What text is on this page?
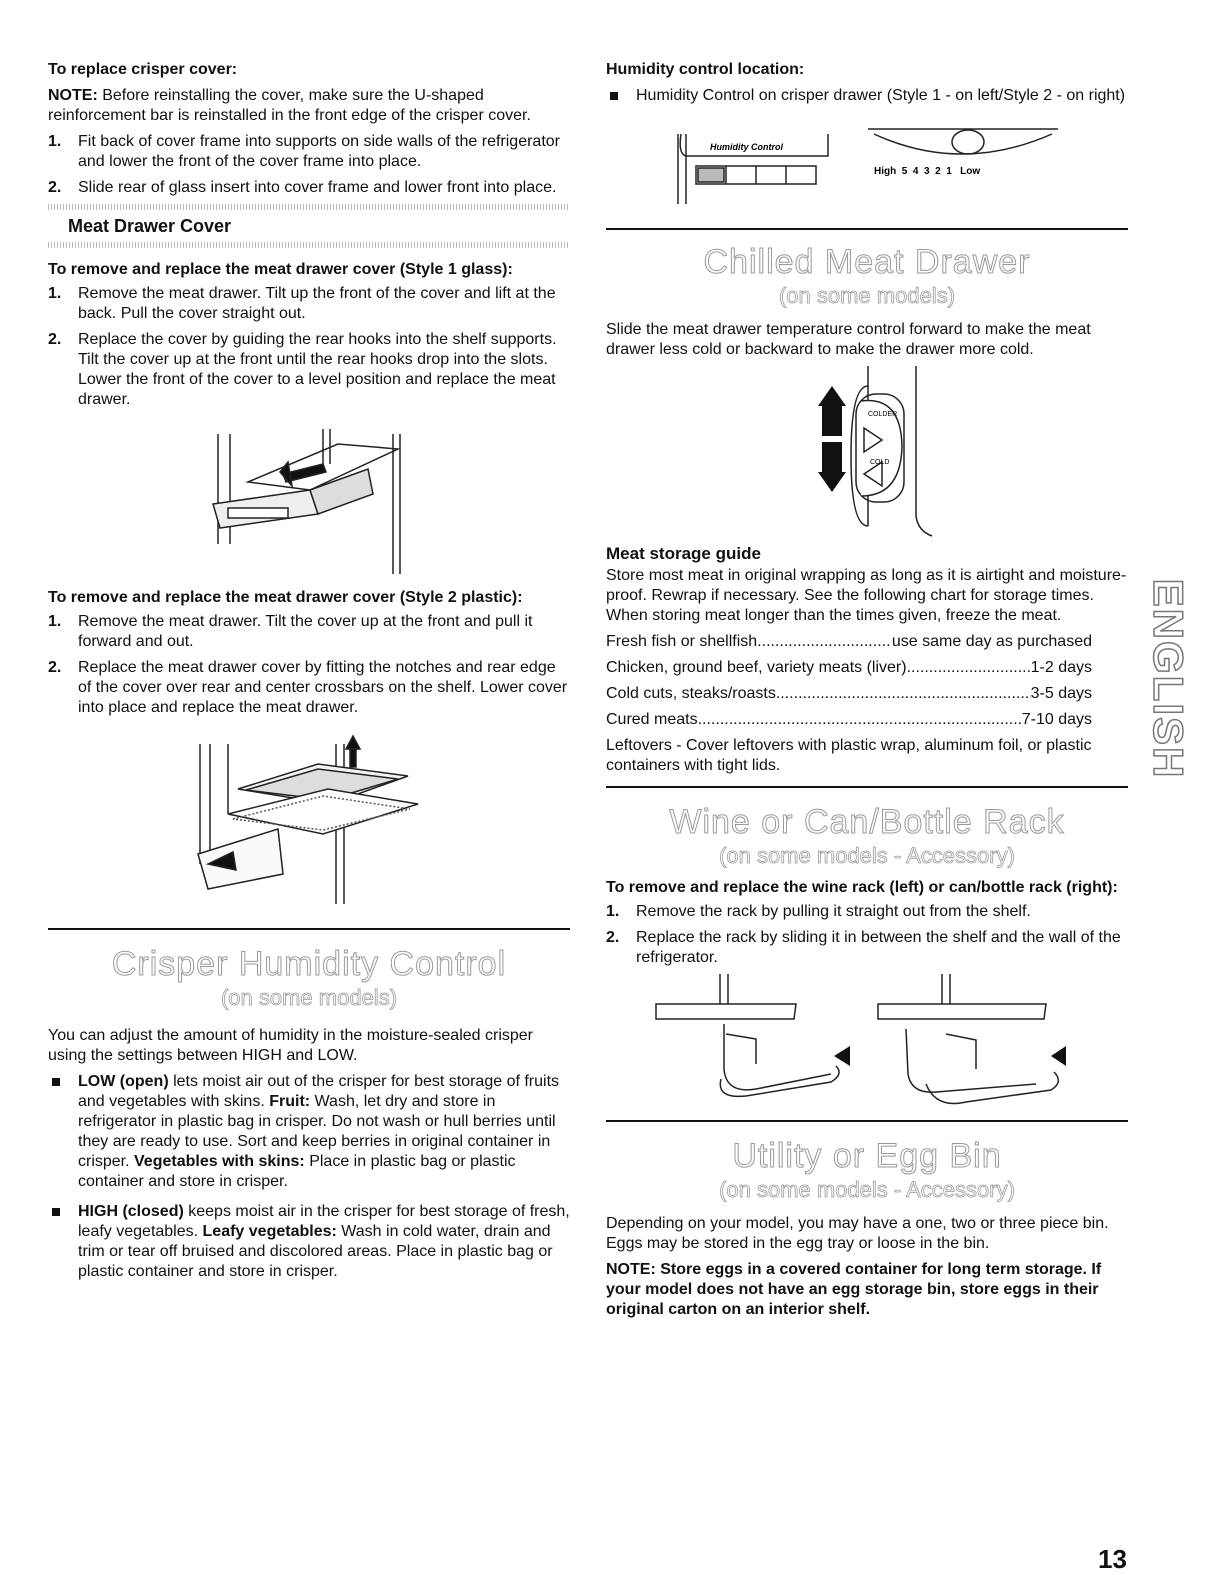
To replace crisper cover:

NOTE: Before reinstalling the cover, make sure the U-shaped reinforcement bar is reinstalled in the front edge of the crisper cover.

1. Fit back of cover frame into supports on side walls of the refrigerator and lower the front of the cover frame into place.
2. Slide rear of glass insert into cover frame and lower front into place.
Meat Drawer Cover
To remove and replace the meat drawer cover (Style 1 glass):
1. Remove the meat drawer. Tilt up the front of the cover and lift at the back. Pull the cover straight out.
2. Replace the cover by guiding the rear hooks into the shelf supports. Tilt the cover up at the front until the rear hooks drop into the slots. Lower the front of the cover to a level position and replace the meat drawer.
To remove and replace the meat drawer cover (Style 2 plastic):
1. Remove the meat drawer. Tilt the cover up at the front and pull it forward and out.
2. Replace the meat drawer cover by fitting the notches and rear edge of the cover over rear and center crossbars on the shelf. Lower cover into place and replace the meat drawer.
Crisper Humidity Control
(on some models)

You can adjust the amount of humidity in the moisture-sealed crisper using the settings between HIGH and LOW.

LOW (open) lets moist air out of the crisper for best storage of fruits and vegetables with skins. Fruit: Wash, let dry and store in refrigerator in plastic bag in crisper. Do not wash or hull berries until they are ready to use. Sort and keep berries in original container in crisper. Vegetables with skins: Place in plastic bag or plastic container and store in crisper.
HIGH (closed) keeps moist air in the crisper for best storage of fresh, leafy vegetables. Leafy vegetables: Wash in cold water, drain and trim or tear off bruised and discolored areas. Place in plastic bag or plastic container and store in crisper.
Humidity control location:
Humidity Control on crisper drawer (Style 1 - on left/Style 2 - on right)
Humidity Control
High  5  4  3  2  1   Low
Chilled Meat Drawer
(on some models)

Slide the meat drawer temperature control forward to make the meat drawer less cold or backward to make the drawer more cold.

COLDER
COLD
Meat storage guide

Store most meat in original wrapping as long as it is airtight and moisture-proof. Rewrap if necessary. See the following chart for storage times. When storing meat longer than the times given, freeze the meat.

Fresh fish or shellfish .....	use same day as purchased
Chicken, ground beef, variety meats (liver) .....	1-2 days
Cold cuts, steaks/roasts .....	3-5 days
Cured meats .....	7-10 days

Leftovers - Cover leftovers with plastic wrap, aluminum foil, or plastic containers with tight lids.

Wine or Can/Bottle Rack
(on some models - Accessory)
To remove and replace the wine rack (left) or can/bottle rack (right):
1. Remove the rack by pulling it straight out from the shelf.
2. Replace the rack by sliding it in between the shelf and the wall of the refrigerator.
Utility or Egg Bin
(on some models - Accessory)

Depending on your model, you may have a one, two or three piece bin. Eggs may be stored in the egg tray or loose in the bin.

NOTE: Store eggs in a covered container for long term storage. If your model does not have an egg storage bin, store eggs in their original carton on an interior shelf.

ENGLISH
13
